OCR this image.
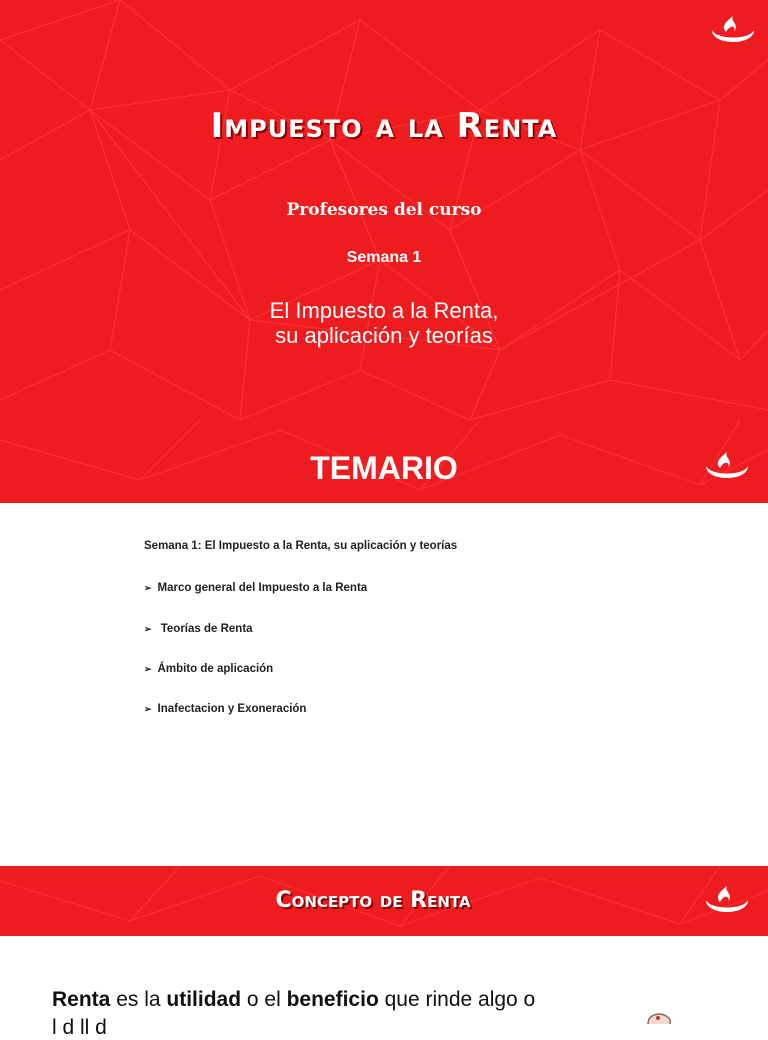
Impuesto a la Renta
Profesores del curso
Semana 1
El Impuesto a la Renta,
su aplicación y teorías
TEMARIO
Semana 1: El Impuesto a la Renta, su aplicación y teorías
➢ Marco general del Impuesto a la Renta
➢ Teorías de Renta
➢ Ámbito de aplicación
➢ Inafectacion y Exoneración
Concepto de Renta
Renta es la utilidad o el beneficio que rinde algo o
l d ll d
